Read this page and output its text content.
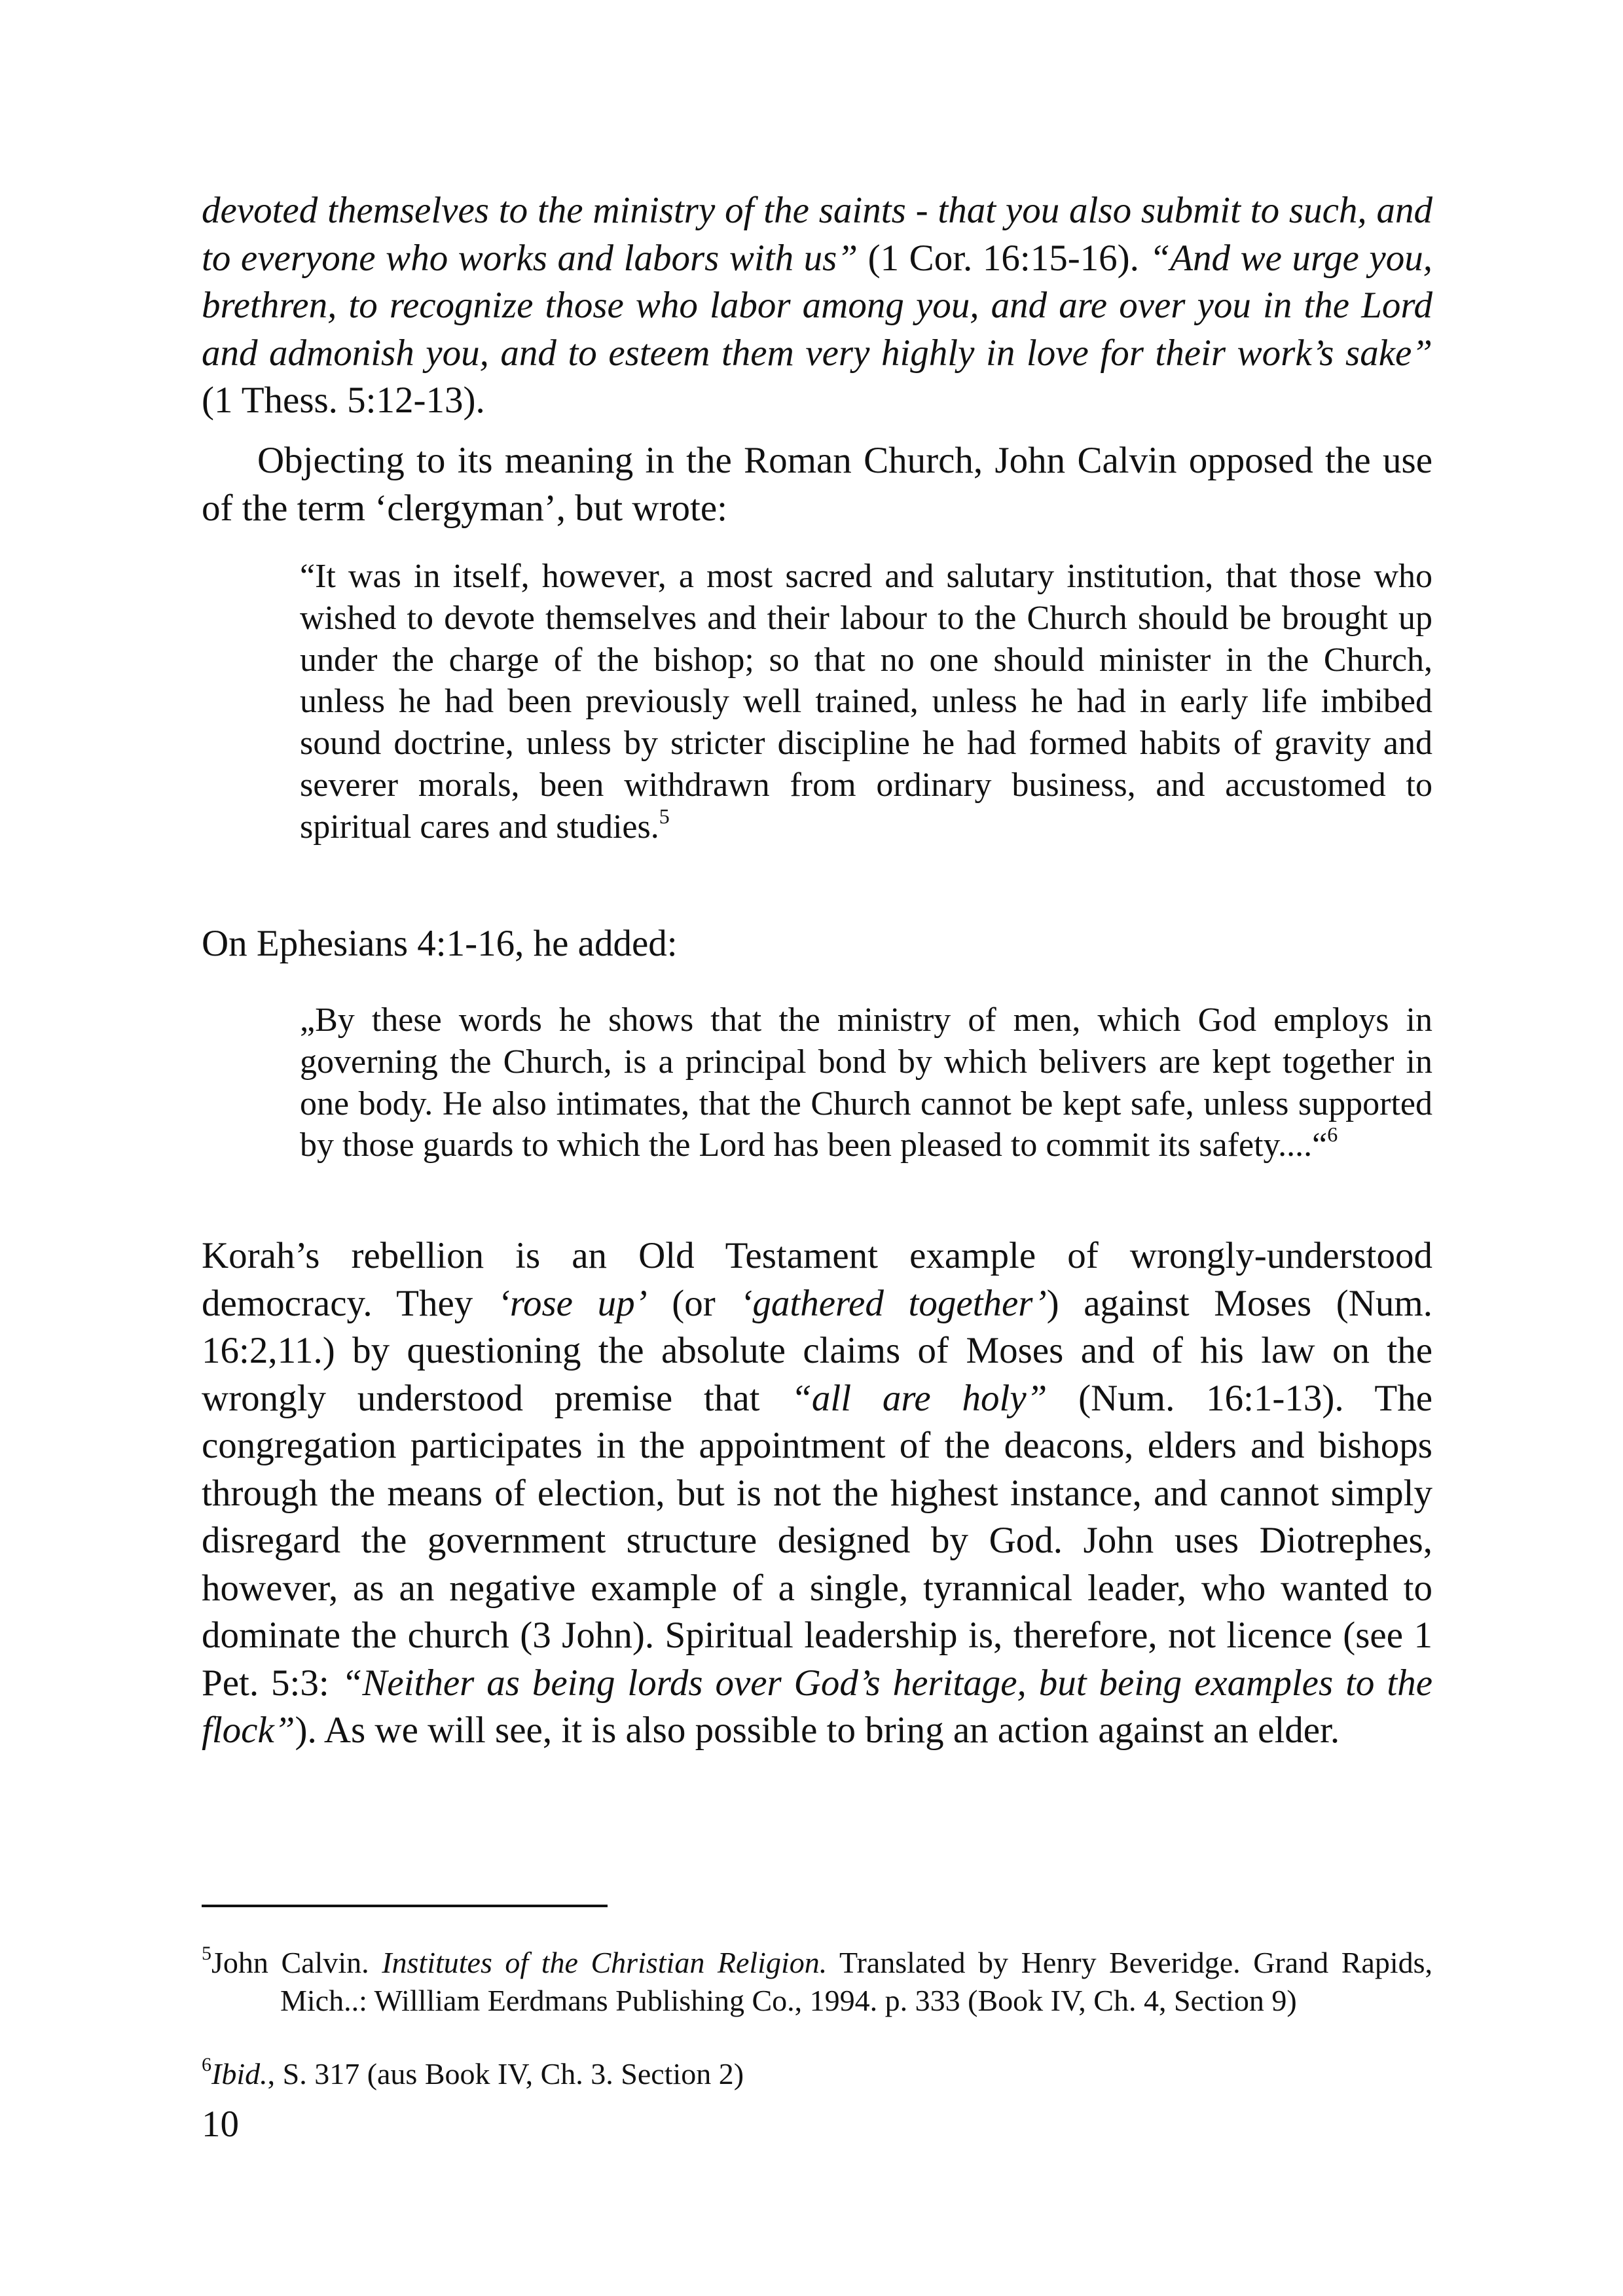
devoted themselves to the ministry of the saints - that you also submit to such, and to everyone who works and labors with us” (1 Cor. 16:15-16). “And we urge you, brethren, to recognize those who labor among you, and are over you in the Lord and admonish you, and to esteem them very highly in love for their work’s sake” (1 Thess. 5:12-13).

Objecting to its meaning in the Roman Church, John Calvin opposed the use of the term ‘clergyman’, but wrote:

“It was in itself, however, a most sacred and salutary institution, that those who wished to devote themselves and their labour to the Church should be brought up under the charge of the bishop; so that no one should minister in the Church, unless he had been previously well trained, unless he had in early life imbibed sound doctrine, unless by stricter discipline he had formed habits of gravity and severer morals, been withdrawn from ordinary business, and accustomed to spiritual cares and studies.$^5$

On Ephesians 4:1-16, he added:

„By these words he shows that the ministry of men, which God employs in governing the Church, is a principal bond by which belivers are kept together in one body. He also intimates, that the Church cannot be kept safe, unless supported by those guards to which the Lord has been pleased to commit its safety....“$^6$

Korah’s rebellion is an Old Testament example of wrongly-understood democracy. They ‘rose up’ (or ‘gathered together’) against Moses (Num. 16:2,11.) by questioning the absolute claims of Moses and of his law on the wrongly understood premise that “all are holy” (Num. 16:1-13). The congregation participates in the appointment of the deacons, elders and bishops through the means of election, but is not the highest instance, and cannot simply disregard the government structure designed by God. John uses Diotrephes, however, as an negative example of a single, tyrannical leader, who wanted to dominate the church (3 John). Spiritual leadership is, therefore, not licence (see 1 Pet. 5:3: “Neither as being lords over God’s heritage, but being examples to the flock”). As we will see, it is also possible to bring an action against an elder.

$^5$John Calvin. Institutes of the Christian Religion. Translated by Henry Beveridge. Grand Rapids, Mich..: Willliam Eerdmans Publishing Co., 1994. p. 333 (Book IV, Ch. 4, Section 9)

$^6$Ibid., S. 317 (aus Book IV, Ch. 3. Section 2)

10
